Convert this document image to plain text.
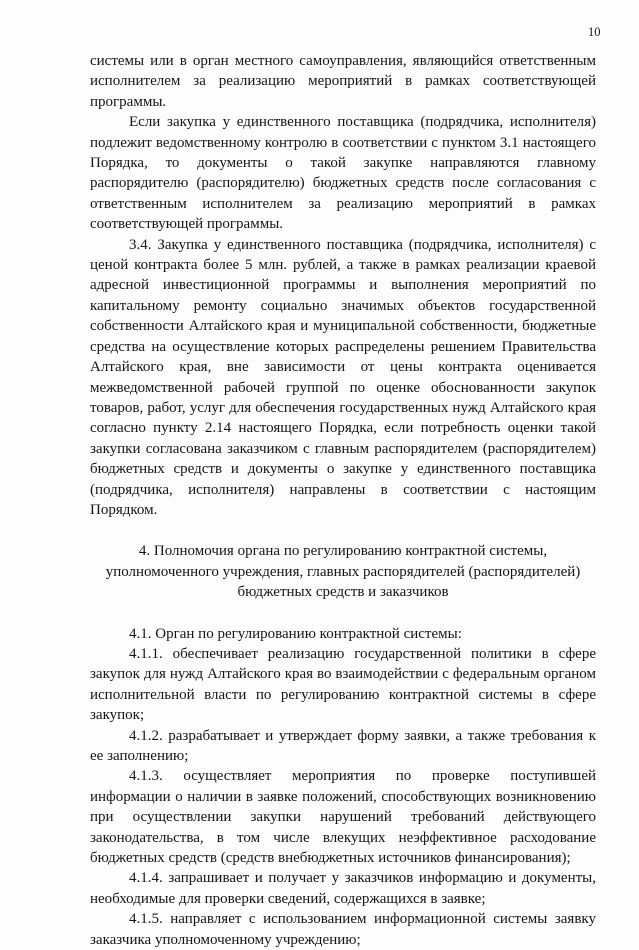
10

системы или в орган местного самоуправления, являющийся ответственным исполнителем за реализацию мероприятий в рамках соответствующей программы.

Если закупка у единственного поставщика (подрядчика, исполнителя) подлежит ведомственному контролю в соответствии с пунктом 3.1 настоящего Порядка, то документы о такой закупке направляются главному распорядителю (распорядителю) бюджетных средств после согласования с ответственным исполнителем за реализацию мероприятий в рамках соответствующей программы.

3.4. Закупка у единственного поставщика (подрядчика, исполнителя) с ценой контракта более 5 млн. рублей, а также в рамках реализации краевой адресной инвестиционной программы и выполнения мероприятий по капитальному ремонту социально значимых объектов государственной собственности Алтайского края и муниципальной собственности, бюджетные средства на осуществление которых распределены решением Правительства Алтайского края, вне зависимости от цены контракта оценивается межведомственной рабочей группой по оценке обоснованности закупок товаров, работ, услуг для обеспечения государственных нужд Алтайского края согласно пункту 2.14 настоящего Порядка, если потребность оценки такой закупки согласована заказчиком с главным распорядителем (распорядителем) бюджетных средств и документы о закупке у единственного поставщика (подрядчика, исполнителя) направлены в соответствии с настоящим Порядком.

4. Полномочия органа по регулированию контрактной системы,
уполномоченного учреждения, главных распорядителей (распорядителей)
бюджетных средств и заказчиков

4.1. Орган по регулированию контрактной системы:

4.1.1. обеспечивает реализацию государственной политики в сфере закупок для нужд Алтайского края во взаимодействии с федеральным органом исполнительной власти по регулированию контрактной системы в сфере закупок;

4.1.2. разрабатывает и утверждает форму заявки, а также требования к ее заполнению;

4.1.3. осуществляет мероприятия по проверке поступившей информации о наличии в заявке положений, способствующих возникновению при осуществлении закупки нарушений требований действующего законодательства, в том числе влекущих неэффективное расходование бюджетных средств (средств внебюджетных источников финансирования);

4.1.4. запрашивает и получает у заказчиков информацию и документы, необходимые для проверки сведений, содержащихся в заявке;

4.1.5. направляет с использованием информационной системы заявку заказчика уполномоченному учреждению;
